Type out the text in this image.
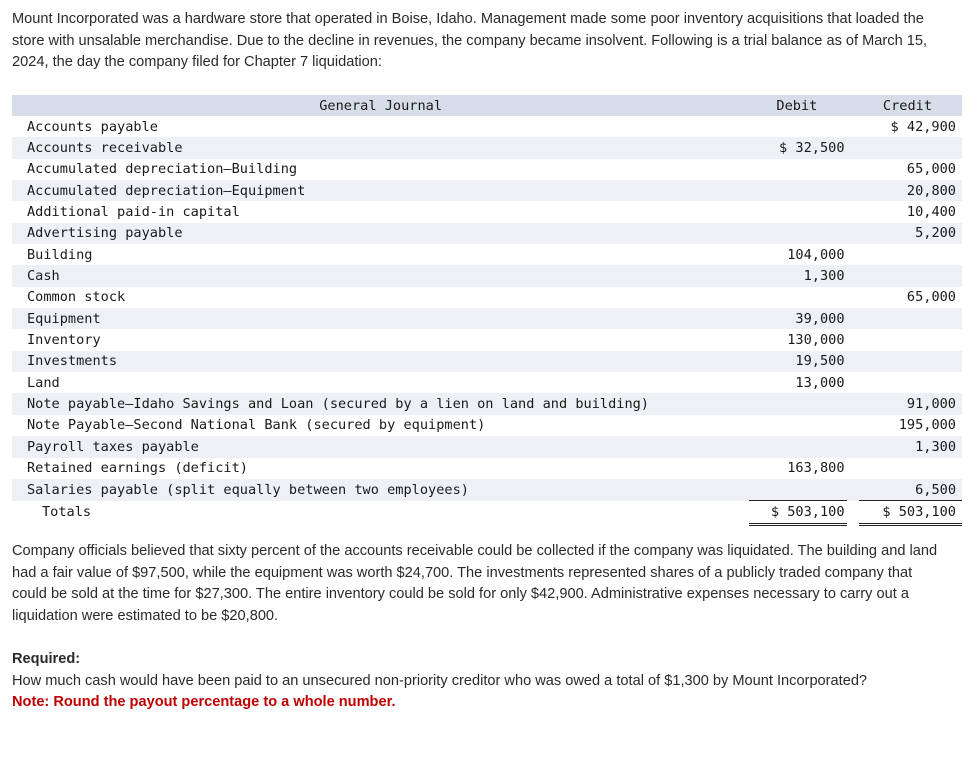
Mount Incorporated was a hardware store that operated in Boise, Idaho. Management made some poor inventory acquisitions that loaded the store with unsalable merchandise. Due to the decline in revenues, the company became insolvent. Following is a trial balance as of March 15, 2024, the day the company filed for Chapter 7 liquidation:

General Journal	Debit		Credit
Accounts payable			$ 42,900
Accounts receivable	$ 32,500		
Accumulated depreciation—Building			65,000
Accumulated depreciation—Equipment			20,800
Additional paid-in capital			10,400
Advertising payable			5,200
Building	104,000		
Cash	1,300		
Common stock			65,000
Equipment	39,000		
Inventory	130,000		
Investments	19,500		
Land	13,000		
Note payable—Idaho Savings and Loan (secured by a lien on land and building)			91,000
Note Payable—Second National Bank (secured by equipment)			195,000
Payroll taxes payable			1,300
Retained earnings (deficit)	163,800		
Salaries payable (split equally between two employees)			6,500
Totals	$ 503,100		$ 503,100

Company officials believed that sixty percent of the accounts receivable could be collected if the company was liquidated. The building and land had a fair value of $97,500, while the equipment was worth $24,700. The investments represented shares of a publicly traded company that could be sold at the time for $27,300. The entire inventory could be sold for only $42,900. Administrative expenses necessary to carry out a liquidation were estimated to be $20,800.

Required:

How much cash would have been paid to an unsecured non-priority creditor who was owed a total of $1,300 by Mount Incorporated?

Note: Round the payout percentage to a whole number.
